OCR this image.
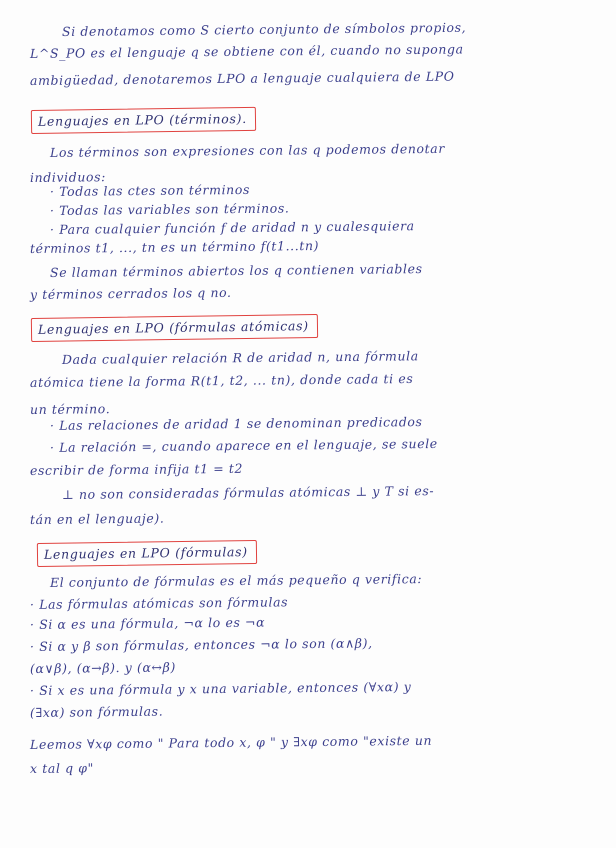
Si denotamos como S cierto conjunto de símbolos propios,
L^S_PO es el lenguaje q se obtiene con él, cuando no suponga
ambigüedad, denotaremos LPO a lenguaje cualquiera de LPO
Lenguajes en LPO (términos).
Los términos son expresiones con las q podemos denotar
individuos:
· Todas las ctes son términos
· Todas las variables son términos.
· Para cualquier función f de aridad n y cualesquiera
términos t1, ..., tn es un término f(t1...tn)
Se llaman términos abiertos los q contienen variables
y términos cerrados los q no.
Lenguajes en LPO (fórmulas atómicas)
Dada cualquier relación R de aridad n, una fórmula
atómica tiene la forma R(t1, t2, ... tn), donde cada ti es
un término.
· Las relaciones de aridad 1 se denominan predicados
· La relación =, cuando aparece en el lenguaje, se suele
escribir de forma infija t1 = t2
⊥ no son consideradas fórmulas atómicas ⊥ y T si es-
tán en el lenguaje).
Lenguajes en LPO (fórmulas)
El conjunto de fórmulas es el más pequeño q verifica:
· Las fórmulas atómicas son fórmulas
· Si α es una fórmula, ¬α lo es ¬α
· Si α y β son fórmulas, entonces ¬α lo son (α∧β),
(α∨β), (α→β). y (α↔β)
· Si x es una fórmula y x una variable, entonces (∀xα) y
(∃xα) son fórmulas.
Leemos ∀xφ como " Para todo x, φ " y ∃xφ como "existe un
x tal q φ"
